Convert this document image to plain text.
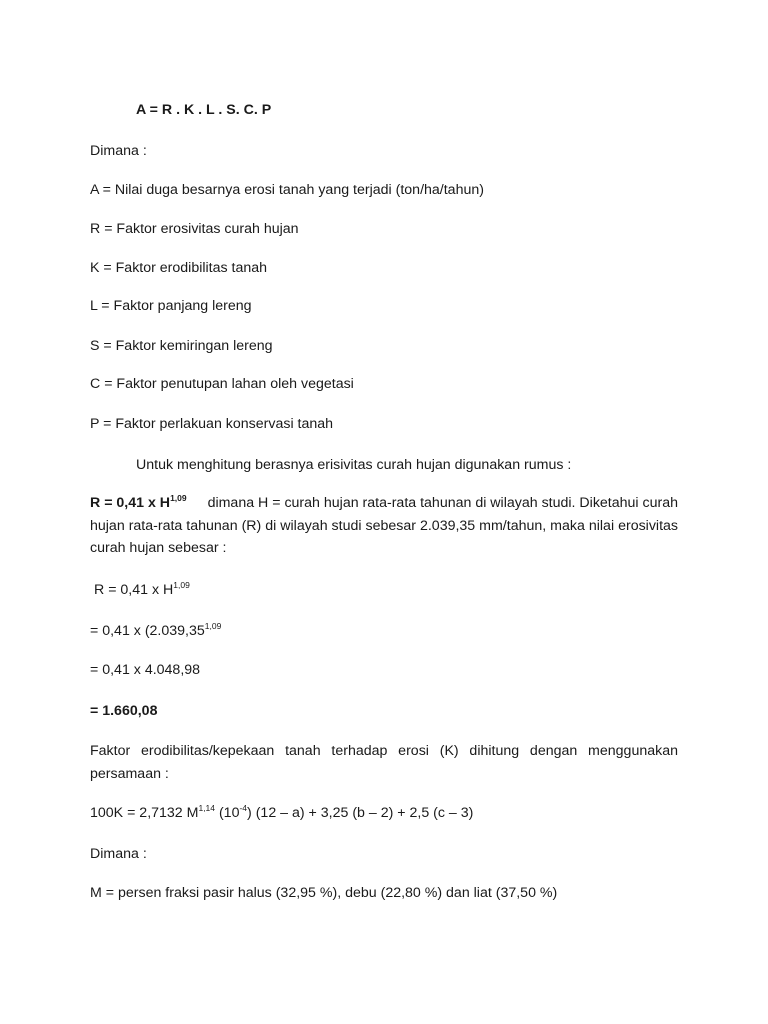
A = R . K . L . S. C. P
Dimana :
A = Nilai duga besarnya erosi tanah yang terjadi (ton/ha/tahun)
R = Faktor erosivitas curah hujan
K = Faktor erodibilitas tanah
L = Faktor panjang lereng
S = Faktor kemiringan lereng
C = Faktor penutupan lahan oleh vegetasi
P = Faktor perlakuan konservasi tanah
Untuk menghitung berasnya erisivitas curah hujan digunakan rumus :
R = 0,41 x H$^{1,09}$ dimana H = curah hujan rata-rata tahunan di wilayah studi. Diketahui curah
hujan rata-rata tahunan (R) di wilayah studi sebesar 2.039,35 mm/tahun, maka nilai erosivitas
curah hujan sebesar :
R = 0,41 x H$^{1,09}$
= 0,41 x ($2.039,35^{1,09}$
= 0,41 x 4.048,98
= 1.660,08
Faktor erodibilitas/kepekaan tanah terhadap erosi (K) dihitung dengan menggunakan
persamaan :
100K = 2,7132 M$^{1,14}$ $(10^{-4})$ (12 – a) + 3,25 (b – 2) + 2,5 (c – 3)
Dimana :
M = persen fraksi pasir halus (32,95 %), debu (22,80 %) dan liat (37,50 %)
